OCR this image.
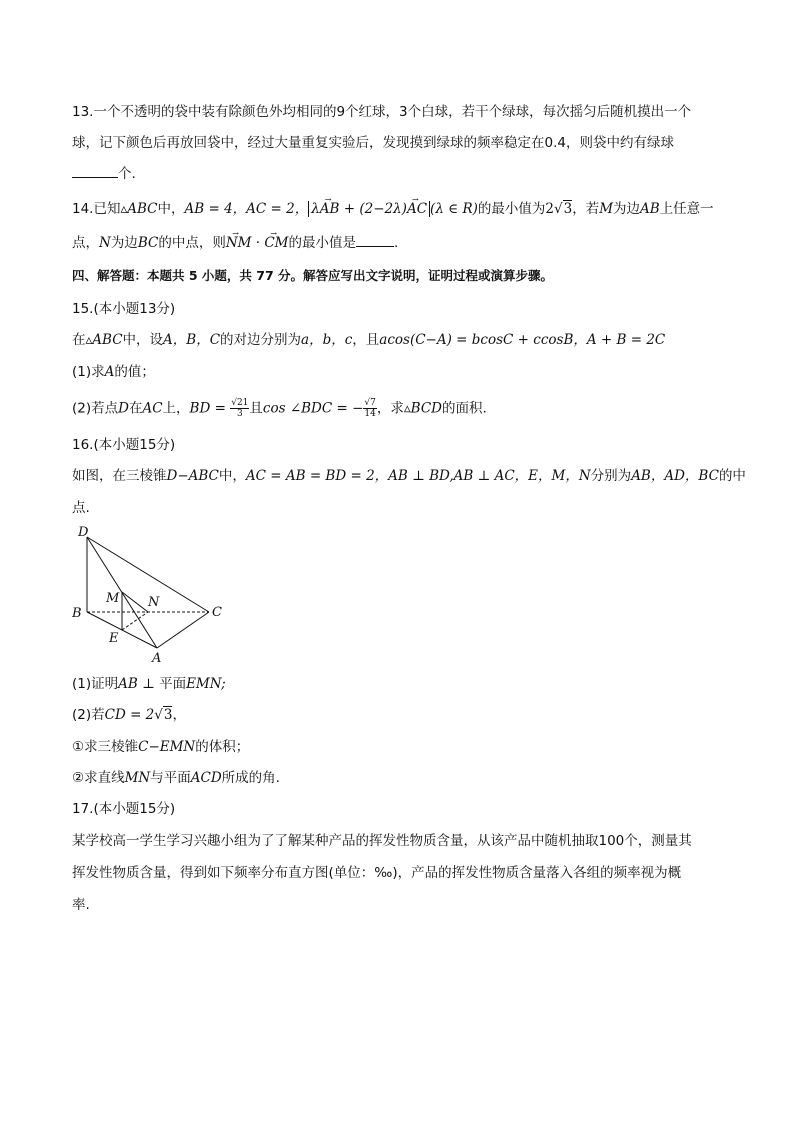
13.一个不透明的袋中装有除颜色外均相同的9个红球，3个白球，若干个绿球，每次摇匀后随机摸出一个
球，记下颜色后再放回袋中，经过大量重复实验后，发现摸到绿球的频率稳定在0.4，则袋中约有绿球
个.
14.已知▵ABC中，AB = 4，AC = 2， λ→ AB + (2−2λ)→ AC (λ ∈ R)的最小值为2√3，若M为边AB上任意一
点，N为边BC的中点，则→ NM · → CM的最小值是	.
四、解答题：本题共 5 小题，共 77 分。解答应写出文字说明，证明过程或演算步骤。
15.(本小题13分)
在▵ABC中，设A，B，C的对边分别为a，b，c，且acos(C−A) = bcosC + ccosB，A + B = 2C
(1)求A的值；
(2)若点D在AC上，BD = $\frac{√21}{3}$ 且cos ∠BDC = − $\frac{√7}{14}$ ，求▵BCD的面积.
16.(本小题15分)
如图，在三棱锥D−ABC中，AC = AB = BD = 2，AB ⊥ BD,AB ⊥ AC，E，M，N分别为AB，AD，BC的中
点.
D
M N
B	C
E
A
(1)证明AB ⊥ 平面EMN;
(2)若CD = 2√3，
①求三棱锥C−EMN的体积；
②求直线MN与平面ACD所成的角.
17.(本小题15分)
某学校高一学生学习兴趣小组为了了解某种产品的挥发性物质含量，从该产品中随机抽取100个，测量其
挥发性物质含量，得到如下频率分布直方图(单位：‰)，产品的挥发性物质含量落入各组的频率视为概
率.
